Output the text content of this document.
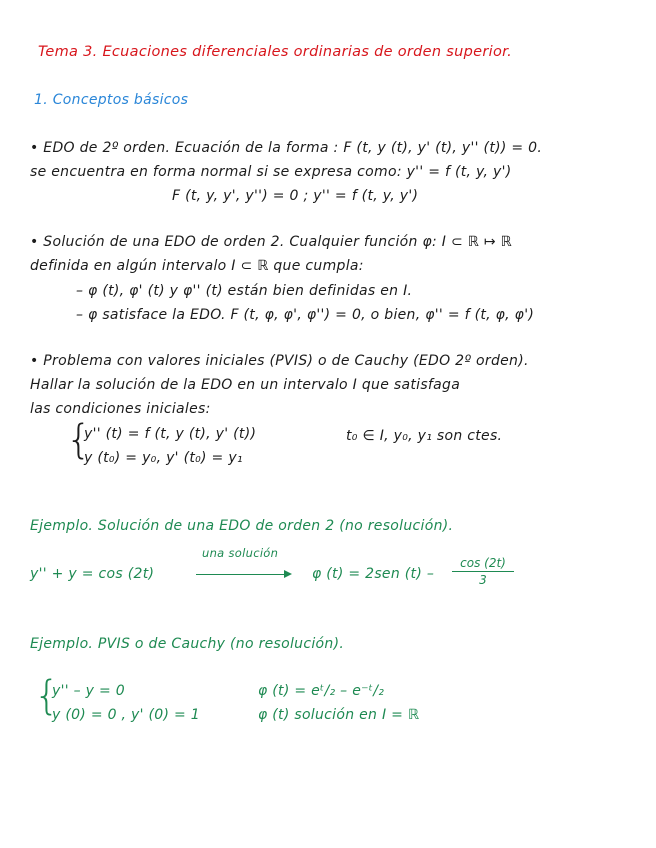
Tema 3. Ecuaciones diferenciales ordinarias de orden superior.
1. Conceptos básicos
• EDO de 2º orden. Ecuación de la forma : F (t, y (t), y' (t), y'' (t)) = 0.
se encuentra en forma normal si se expresa como: y'' = f (t, y, y')
F (t, y, y', y'') = 0 ; y'' = f (t, y, y')
• Solución de una EDO de orden 2. Cualquier función φ: I ⊂ ℝ ↦ ℝ
definida en algún intervalo I ⊂ ℝ que cumpla:
– φ (t), φ' (t) y φ'' (t) están bien definidas en I.
– φ satisface la EDO. F (t, φ, φ', φ'') = 0, o bien, φ'' = f (t, φ, φ')
• Problema con valores iniciales (PVIS) o de Cauchy (EDO 2º orden).
Hallar la solución de la EDO en un intervalo I que satisfaga
las condiciones iniciales:
{
y'' (t) = f (t, y (t), y' (t))
y (t₀) = y₀, y' (t₀) = y₁
t₀ ∈ I, y₀, y₁ son ctes.
Ejemplo. Solución de una EDO de orden 2 (no resolución).
y'' + y = cos (2t)
una solución
φ (t) = 2sen (t) –
cos (2t)
3
Ejemplo. PVIS o de Cauchy (no resolución).
{
y'' – y = 0
y (0) = 0 , y' (0) = 1
φ (t) = eᵗ/₂ – e⁻ᵗ/₂
φ (t) solución en I = ℝ
